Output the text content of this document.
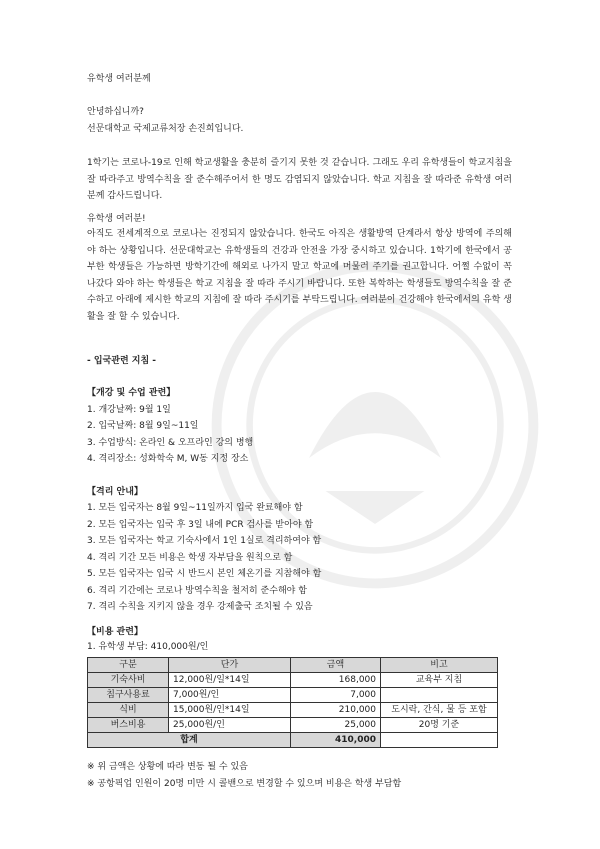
유학생 여러분께
안녕하십니까?
선문대학교 국제교류처장 손진희입니다.
1학기는 코로나-19로 인해 학교생활을 충분히 즐기지 못한 것 같습니다. 그래도 우리 유학생들이 학교지침을 잘 따라주고 방역수칙을 잘 준수해주어서 한 명도 감염되지 않았습니다. 학교 지침을 잘 따라준 유학생 여러분께 감사드립니다.
유학생 여러분!
아직도 전세계적으로 코로나는 진정되지 않았습니다. 한국도 아직은 생활방역 단계라서 항상 방역에 주의해야 하는 상황입니다. 선문대학교는 유학생들의 건강과 안전을 가장 중시하고 있습니다. 1학기에 한국에서 공부한 학생들은 가능하면 방학기간에 해외로 나가지 말고 학교에 머물러 주기를 권고합니다. 어쩔 수없이 꼭 나갔다 와야 하는 학생들은 학교 지침을 잘 따라 주시기 바랍니다. 또한 복학하는 학생들도 방역수칙을 잘 준수하고 아래에 제시한 학교의 지침에 잘 따라 주시기를 부탁드립니다. 여러분이 건강해야 한국에서의 유학 생활을 잘 할 수 있습니다.
- 입국관련 지침 -
【개강 및 수업 관련】
1. 개강날짜: 9월 1일
2. 입국날짜: 8월 9일~11일
3. 수업방식: 온라인 & 오프라인 강의 병행
4. 격리장소: 성화학숙 M, W동 지정 장소
【격리 안내】
1. 모든 입국자는 8월 9일~11일까지 입국 완료해야 함
2. 모든 입국자는 입국 후 3일 내에 PCR 검사를 받아야 함
3. 모든 입국자는 학교 기숙사에서 1인 1실로 격리하여야 함
4. 격리 기간 모든 비용은 학생 자부담을 원칙으로 함
5. 모든 입국자는 입국 시 반드시 본인 체온기를 지참해야 함
6. 격리 기간에는 코로나 방역수칙을 철저히 준수해야 함
7. 격리 수칙을 지키지 않을 경우 강제출국 조치될 수 있음
【비용 관련】
1. 유학생 부담: 410,000원/인
구분	단가	금액	비고
기숙사비	12,000원/일*14일	168,000	교육부 지침
침구사용료	7,000원/인	7,000	
식비	15,000원/인*14일	210,000	도시락, 간식, 물 등 포함
버스비용	25,000원/인	25,000	20명 기준
합계		410,000	
※ 위 금액은 상황에 따라 변동 될 수 있음
※ 공항픽업 인원이 20명 미만 시 콜밴으로 변경할 수 있으며 비용은 학생 부담함
